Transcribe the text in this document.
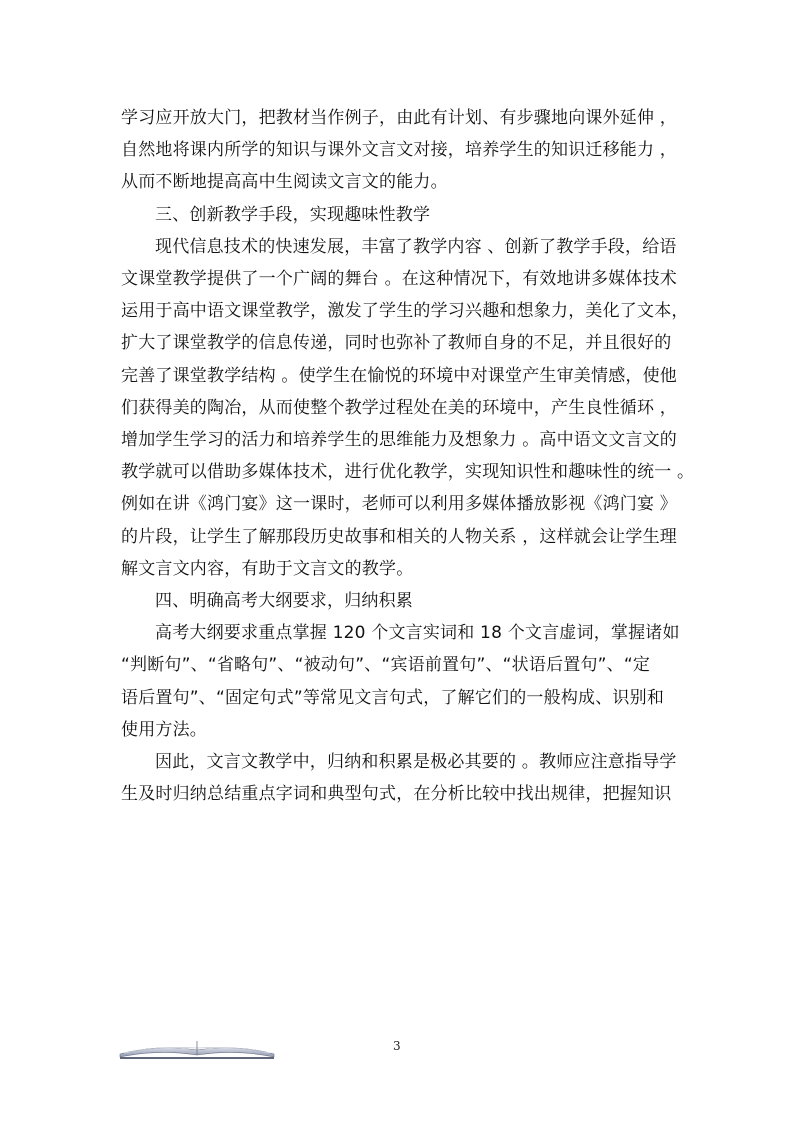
学习应开放大门，把教材当作例子，由此有计划、有步骤地向课外延伸 ，
自然地将课内所学的知识与课外文言文对接，培养学生的知识迁移能力 ，
从而不断地提高高中生阅读文言文的能力。
三、创新教学手段，实现趣味性教学
现代信息技术的快速发展，丰富了教学内容 、创新了教学手段，给语
文课堂教学提供了一个广阔的舞台 。在这种情况下，有效地讲多媒体技术
运用于高中语文课堂教学，激发了学生的学习兴趣和想象力，美化了文本，
扩大了课堂教学的信息传递，同时也弥补了教师自身的不足，并且很好的
完善了课堂教学结构 。使学生在愉悦的环境中对课堂产生审美情感，使他
们获得美的陶冶，从而使整个教学过程处在美的环境中，产生良性循环 ，
增加学生学习的活力和培养学生的思维能力及想象力 。高中语文文言文的
教学就可以借助多媒体技术，进行优化教学，实现知识性和趣味性的统一 。
例如在讲《鸿门宴》这一课时，老师可以利用多媒体播放影视《鸿门宴 》
的片段，让学生了解那段历史故事和相关的人物关系 ，这样就会让学生理
解文言文内容，有助于文言文的教学。
四、明确高考大纲要求，归纳积累
高考大纲要求重点掌握 120 个文言实词和 18 个文言虚词，掌握诸如
“判断句”、“省略句”、“被动句”、“宾语前置句”、“状语后置句”、“定
语后置句”、“固定句式”等常见文言句式，了解它们的一般构成、识别和
使用方法。
因此，文言文教学中，归纳和积累是极必其要的 。教师应注意指导学
生及时归纳总结重点字词和典型句式，在分析比较中找出规律，把握知识
3
